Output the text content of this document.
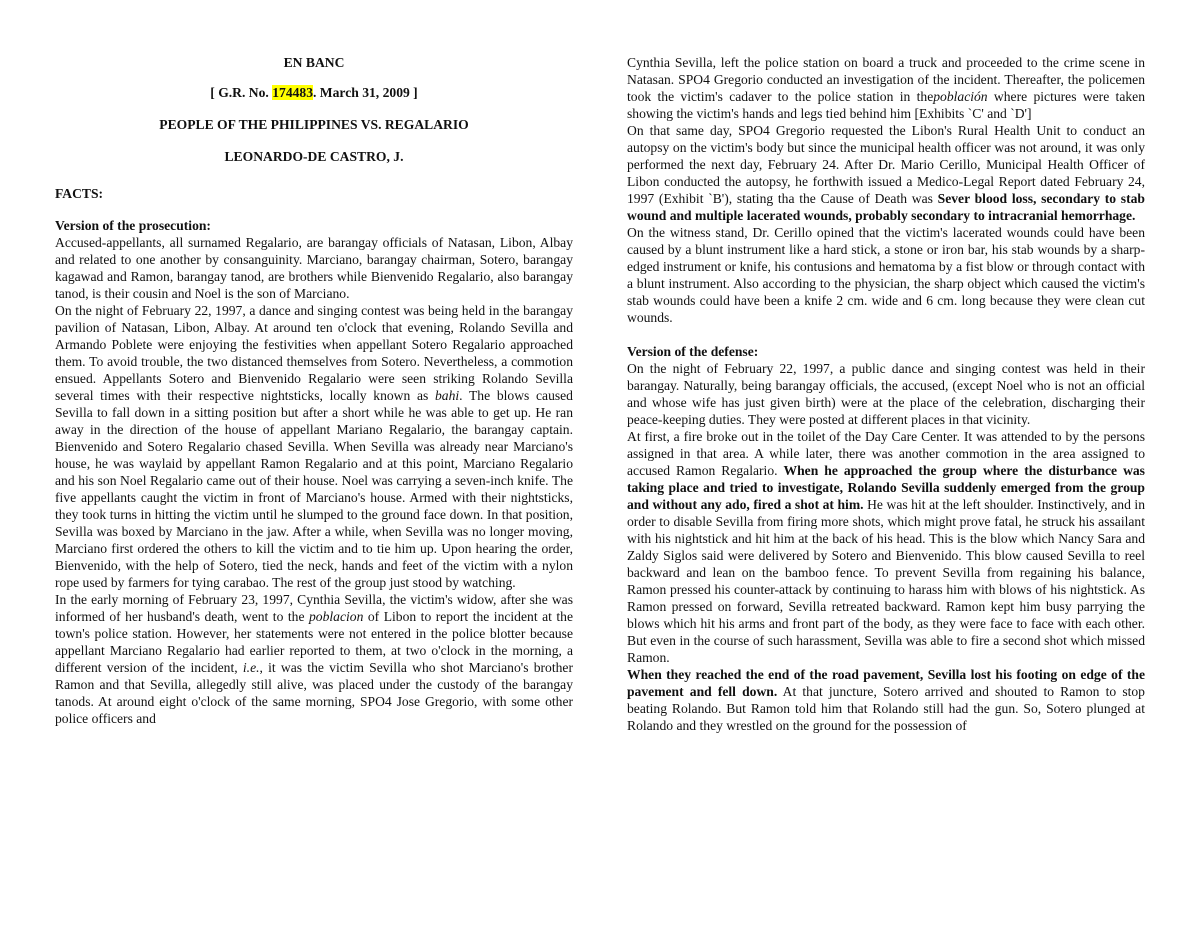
EN BANC

[ G.R. No. 174483. March 31, 2009 ]

PEOPLE OF THE PHILIPPINES VS. REGALARIO

LEONARDO-DE CASTRO, J.

FACTS:

Version of the prosecution:

Accused-appellants, all surnamed Regalario, are barangay officials of Natasan, Libon, Albay and related to one another by consanguinity. Marciano, barangay chairman, Sotero, barangay kagawad and Ramon, barangay tanod, are brothers while Bienvenido Regalario, also barangay tanod, is their cousin and Noel is the son of Marciano.

On the night of February 22, 1997, a dance and singing contest was being held in the barangay pavilion of Natasan, Libon, Albay. At around ten o'clock that evening, Rolando Sevilla and Armando Poblete were enjoying the festivities when appellant Sotero Regalario approached them. To avoid trouble, the two distanced themselves from Sotero. Nevertheless, a commotion ensued. Appellants Sotero and Bienvenido Regalario were seen striking Rolando Sevilla several times with their respective nightsticks, locally known as bahi. The blows caused Sevilla to fall down in a sitting position but after a short while he was able to get up. He ran away in the direction of the house of appellant Mariano Regalario, the barangay captain. Bienvenido and Sotero Regalario chased Sevilla. When Sevilla was already near Marciano's house, he was waylaid by appellant Ramon Regalario and at this point, Marciano Regalario and his son Noel Regalario came out of their house. Noel was carrying a seven-inch knife. The five appellants caught the victim in front of Marciano's house. Armed with their nightsticks, they took turns in hitting the victim until he slumped to the ground face down. In that position, Sevilla was boxed by Marciano in the jaw. After a while, when Sevilla was no longer moving, Marciano first ordered the others to kill the victim and to tie him up. Upon hearing the order, Bienvenido, with the help of Sotero, tied the neck, hands and feet of the victim with a nylon rope used by farmers for tying carabao. The rest of the group just stood by watching.

In the early morning of February 23, 1997, Cynthia Sevilla, the victim's widow, after she was informed of her husband's death, went to the poblacion of Libon to report the incident at the town's police station. However, her statements were not entered in the police blotter because appellant Marciano Regalario had earlier reported to them, at two o'clock in the morning, a different version of the incident, i.e., it was the victim Sevilla who shot Marciano's brother Ramon and that Sevilla, allegedly still alive, was placed under the custody of the barangay tanods. At around eight o'clock of the same morning, SPO4 Jose Gregorio, with some other police officers and

Cynthia Sevilla, left the police station on board a truck and proceeded to the crime scene in Natasan. SPO4 Gregorio conducted an investigation of the incident. Thereafter, the policemen took the victim's cadaver to the police station in thepoblación where pictures were taken showing the victim's hands and legs tied behind him [Exhibits `C' and `D']

On that same day, SPO4 Gregorio requested the Libon's Rural Health Unit to conduct an autopsy on the victim's body but since the municipal health officer was not around, it was only performed the next day, February 24. After Dr. Mario Cerillo, Municipal Health Officer of Libon conducted the autopsy, he forthwith issued a Medico-Legal Report dated February 24, 1997 (Exhibit `B'), stating tha the Cause of Death was Sever blood loss, secondary to stab wound and multiple lacerated wounds, probably secondary to intracranial hemorrhage.

On the witness stand, Dr. Cerillo opined that the victim's lacerated wounds could have been caused by a blunt instrument like a hard stick, a stone or iron bar, his stab wounds by a sharp-edged instrument or knife, his contusions and hematoma by a fist blow or through contact with a blunt instrument. Also according to the physician, the sharp object which caused the victim's stab wounds could have been a knife 2 cm. wide and 6 cm. long because they were clean cut wounds.

Version of the defense:

On the night of February 22, 1997, a public dance and singing contest was held in their barangay. Naturally, being barangay officials, the accused, (except Noel who is not an official and whose wife has just given birth) were at the place of the celebration, discharging their peace-keeping duties. They were posted at different places in that vicinity.

At first, a fire broke out in the toilet of the Day Care Center. It was attended to by the persons assigned in that area. A while later, there was another commotion in the area assigned to accused Ramon Regalario. When he approached the group where the disturbance was taking place and tried to investigate, Rolando Sevilla suddenly emerged from the group and without any ado, fired a shot at him. He was hit at the left shoulder. Instinctively, and in order to disable Sevilla from firing more shots, which might prove fatal, he struck his assailant with his nightstick and hit him at the back of his head. This is the blow which Nancy Sara and Zaldy Siglos said were delivered by Sotero and Bienvenido. This blow caused Sevilla to reel backward and lean on the bamboo fence. To prevent Sevilla from regaining his balance, Ramon pressed his counter-attack by continuing to harass him with blows of his nightstick. As Ramon pressed on forward, Sevilla retreated backward. Ramon kept him busy parrying the blows which hit his arms and front part of the body, as they were face to face with each other. But even in the course of such harassment, Sevilla was able to fire a second shot which missed Ramon.

When they reached the end of the road pavement, Sevilla lost his footing on edge of the pavement and fell down. At that juncture, Sotero arrived and shouted to Ramon to stop beating Rolando. But Ramon told him that Rolando still had the gun. So, Sotero plunged at Rolando and they wrestled on the ground for the possession of
